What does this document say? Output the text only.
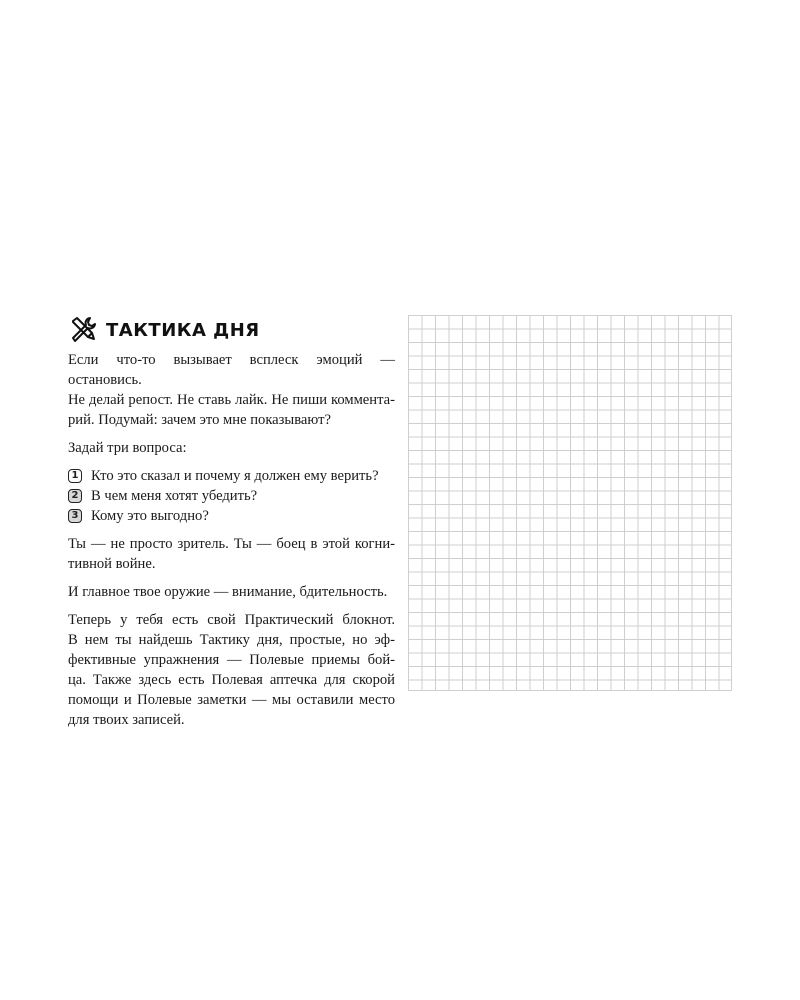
ТАКТИКА ДНЯ

Если что-то вызывает всплеск эмоций — остановись.
Не делай репост. Не ставь лайк. Не пиши коммента-
рий. Подумай: зачем это мне показывают?

Задай три вопроса:

1 Кто это сказал и почему я должен ему верить?
2 В чем меня хотят убедить?
3 Кому это выгодно?

Ты — не просто зритель. Ты — боец в этой когни-
тивной войне.

И главное твое оружие — внимание, бдительность.

Теперь у тебя есть свой Практический блокнот.
В нем ты найдешь Тактику дня, простые, но эф-
фективные упражнения — Полевые приемы бой-
ца. Также здесь есть Полевая аптечка для скорой
помощи и Полевые заметки — мы оставили место
для твоих записей.
